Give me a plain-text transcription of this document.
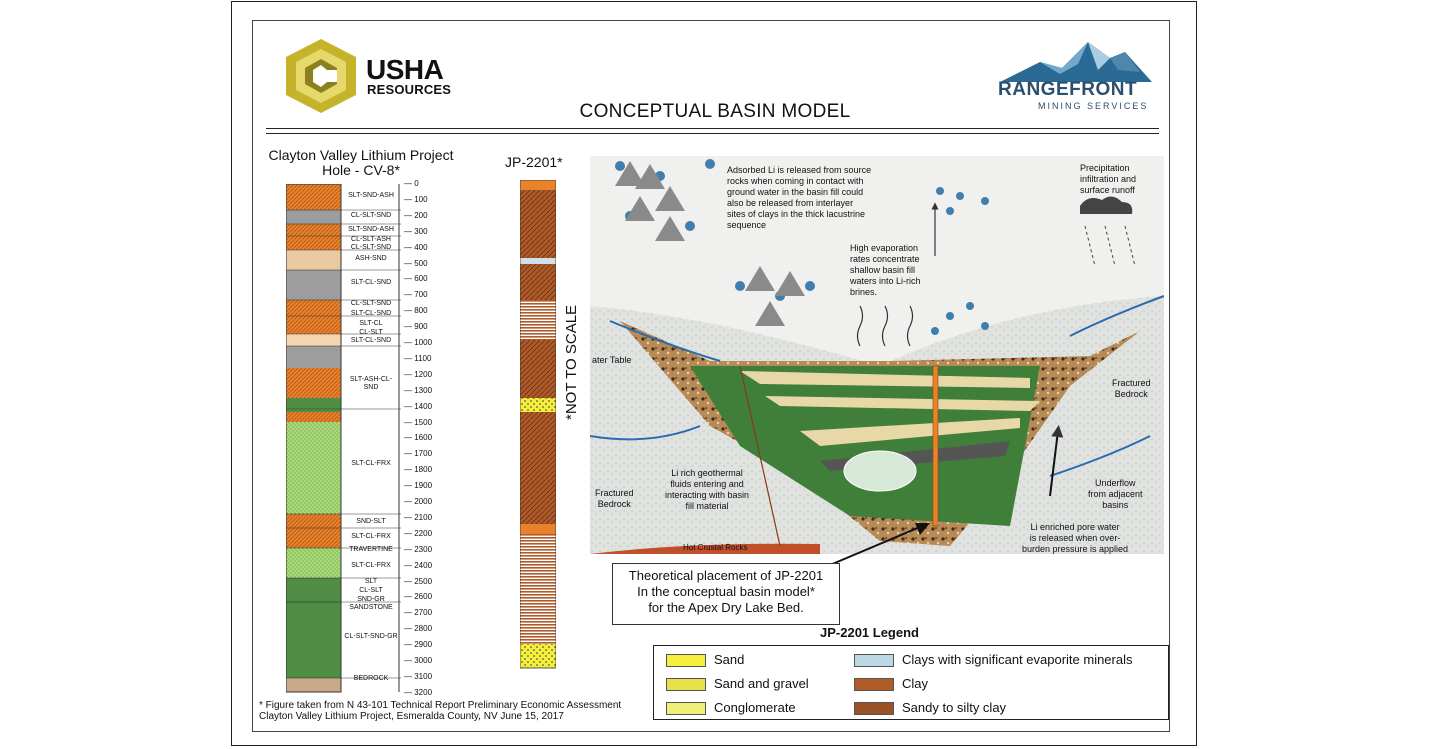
USHA
RESOURCES	RANGEFRONT
MINING SERVICES
CONCEPTUAL BASIN MODEL
Clayton Valley Lithium Project
Hole - CV-8*
— 0
— 100
— 200
— 300
— 400
— 500
— 600
— 700
— 800
— 900
— 1000
— 1100
— 1200
— 1300
— 1400
— 1500
— 1600
— 1700
— 1800
— 1900
— 2000
— 2100
— 2200
— 2300
— 2400
— 2500
— 2600
— 2700
— 2800
— 2900
— 3000
— 3100
— 3200
SLT-SND-ASH
CL-SLT-SND
SLT-SND-ASH
CL-SLT-ASH
CL-SLT-SND
ASH-SND
SLT-CL-SND
CL-SLT-SND
SLT-CL-SND
SLT-CL
CL-SLT
SLT-CL-SND
SLT-ASH-CL-SND
SLT-CL-FRX
SND-SLT
SLT-CL-FRX
TRAVERTINE
SLT-CL-FRX
SLT
CL-SLT
SND-GR
SANDSTONE
CL-SLT-SND-GR
BEDROCK
* Figure taken from N 43-101 Technical Report Preliminary Economic Assessment
Clayton Valley Lithium Project, Esmeralda County, NV June 15, 2017
JP-2201*
*NOT TO SCALE
Adsorbed Li is released from source
rocks when coming in contact with
ground water in the basin fill could
also be released from interlayer
sites of clays in the thick lacustrine
sequence
High evaporation
rates concentrate
shallow basin fill
waters into Li-rich
brines.
Precipitation
infiltration and
surface runoff
ater Table
Fractured
Bedrock
Fractured
Bedrock
Li rich geothermal
fluids entering and
interacting with basin
fill material
Underflow
from adjacent
basins
Li enriched pore water
is released when over-
burden pressure is applied
Hot Crustal Rocks
Theoretical placement of JP-2201
In the conceptual basin model*
for the Apex Dry Lake Bed.
JP-2201 Legend
Sand
Sand and gravel
Conglomerate
Clays with significant evaporite minerals
Clay
Sandy to silty clay
